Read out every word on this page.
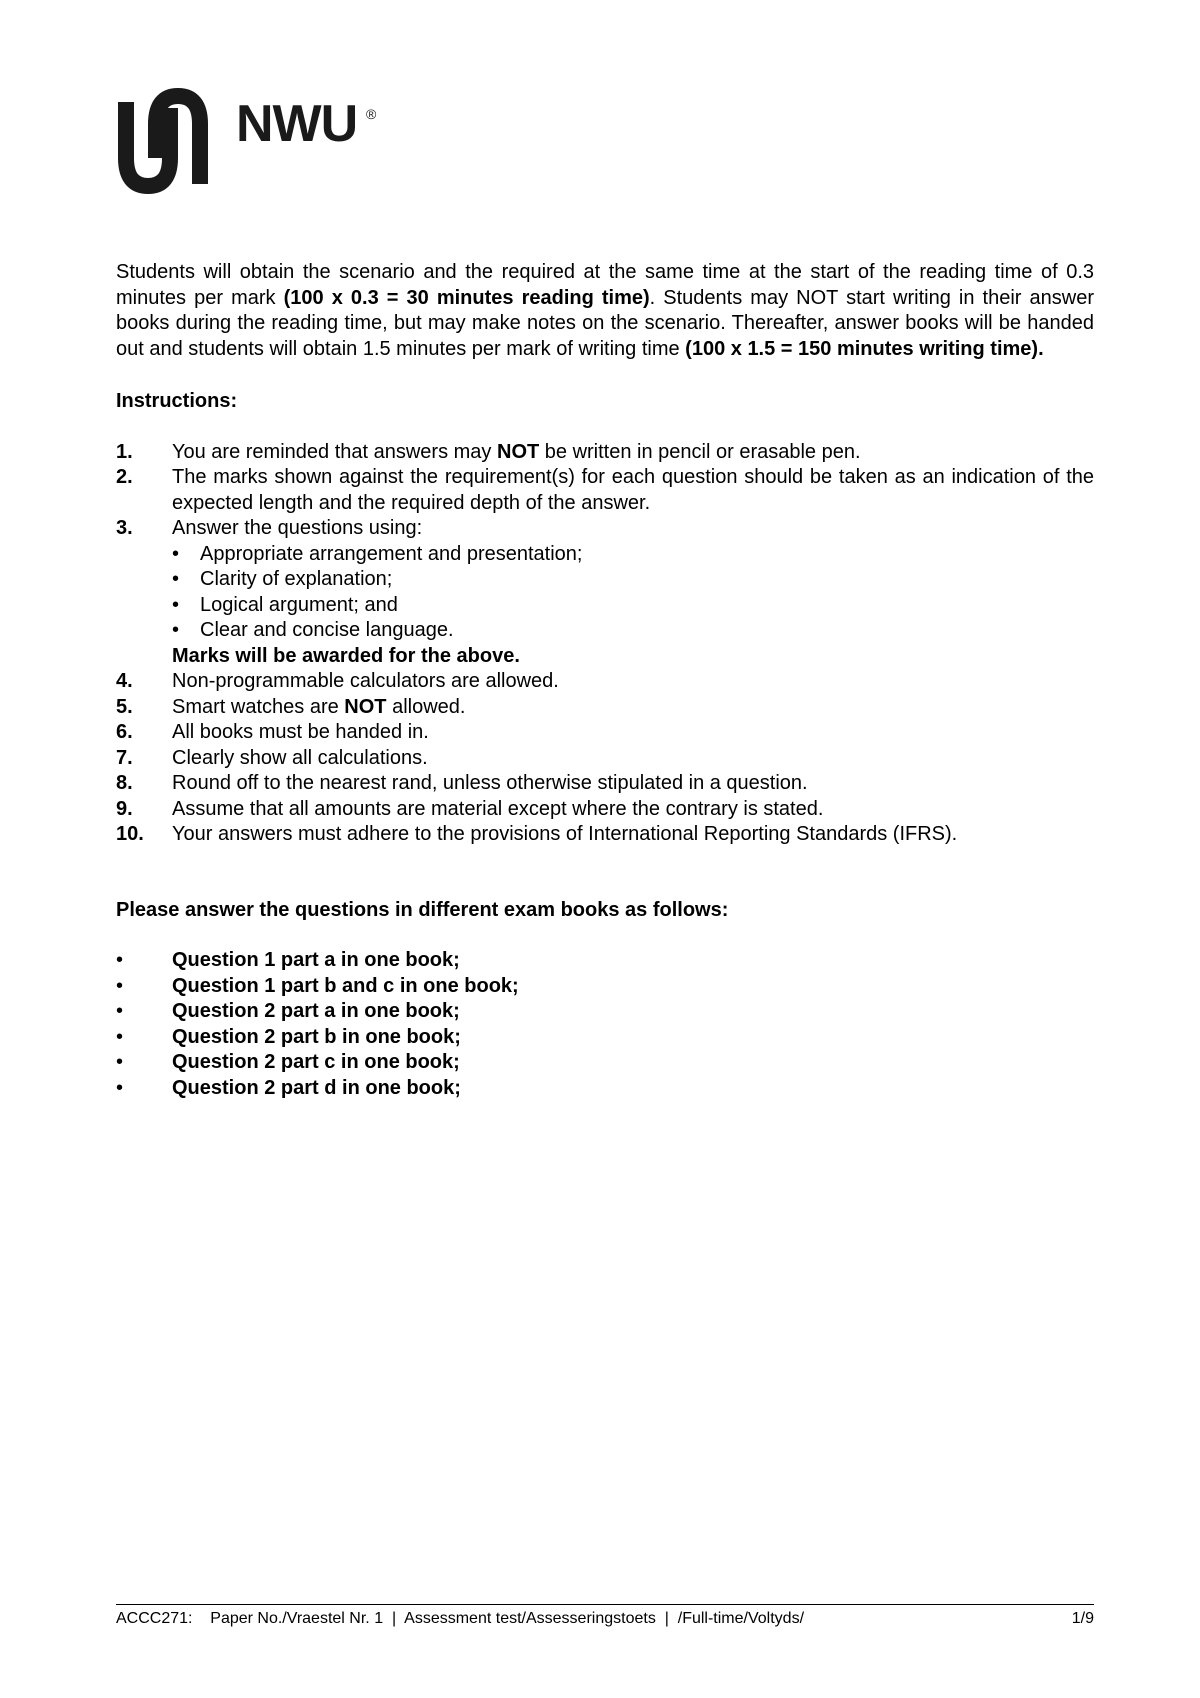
NWU ®

Students will obtain the scenario and the required at the same time at the start of the reading time of 0.3 minutes per mark (100 x 0.3 = 30 minutes reading time). Students may NOT start writing in their answer books during the reading time, but may make notes on the scenario. Thereafter, answer books will be handed out and students will obtain 1.5 minutes per mark of writing time (100 x 1.5 = 150 minutes writing time).

Instructions:

1. You are reminded that answers may NOT be written in pencil or erasable pen.
2. The marks shown against the requirement(s) for each question should be taken as an indication of the expected length and the required depth of the answer.
3. Answer the questions using:
• Appropriate arrangement and presentation;
• Clarity of explanation;
• Logical argument; and
• Clear and concise language.
Marks will be awarded for the above.
4. Non-programmable calculators are allowed.
5. Smart watches are NOT allowed.
6. All books must be handed in.
7. Clearly show all calculations.
8. Round off to the nearest rand, unless otherwise stipulated in a question.
9. Assume that all amounts are material except where the contrary is stated.
10. Your answers must adhere to the provisions of International Reporting Standards (IFRS).

Please answer the questions in different exam books as follows:

• Question 1 part a in one book;
• Question 1 part b and c in one book;
• Question 2 part a in one book;
• Question 2 part b in one book;
• Question 2 part c in one book;
• Question 2 part d in one book;
ACCC271: Paper No./Vraestel Nr. 1 | Assessment test/Assesseringstoets | /Full-time/Voltyds/	1/9
